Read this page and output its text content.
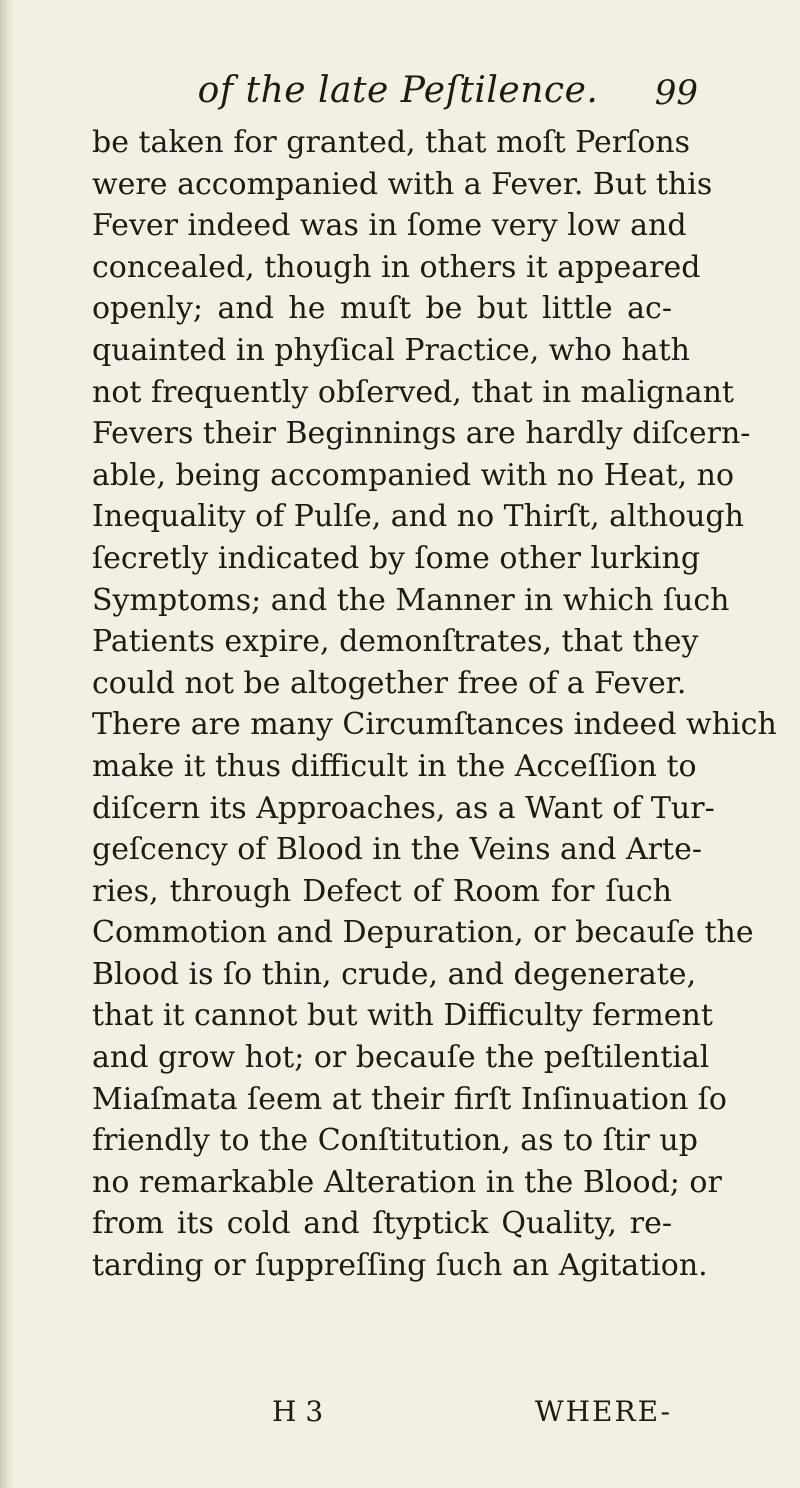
of the late Peſtilence. 99
be taken for granted, that moſt Perſons
were accompanied with a Fever. But this
Fever indeed was in ſome very low and
concealed, though in others it appeared
openly; and he muſt be but little ac-
quainted in phyſical Practice, who hath
not frequently obſerved, that in malignant
Fevers their Beginnings are hardly diſcern-
able, being accompanied with no Heat, no
Inequality of Pulſe, and no Thirſt, although
ſecretly indicated by ſome other lurking
Symptoms; and the Manner in which ſuch
Patients expire, demonſtrates, that they
could not be altogether free of a Fever.
There are many Circumſtances indeed which
make it thus difficult in the Acceſſion to
diſcern its Approaches, as a Want of Tur-
geſcency of Blood in the Veins and Arte-
ries, through Defect of Room for ſuch
Commotion and Depuration, or becauſe the
Blood is ſo thin, crude, and degenerate,
that it cannot but with Difficulty ferment
and grow hot; or becauſe the peſtilential
Miaſmata ſeem at their firſt Inſinuation ſo
friendly to the Conſtitution, as to ſtir up
no remarkable Alteration in the Blood; or
from its cold and ſtyptick Quality, re-
tarding or ſuppreſſing ſuch an Agitation.
H 3	WHERE-
